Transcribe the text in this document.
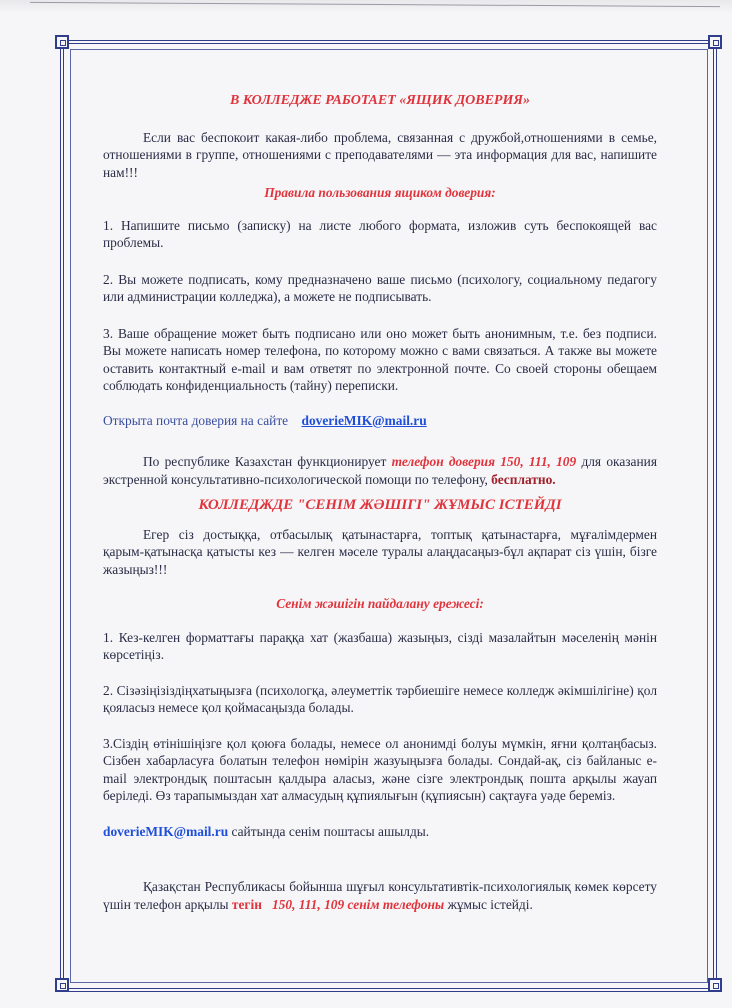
В КОЛЛЕДЖЕ РАБОТАЕТ «ЯЩИК ДОВЕРИЯ»

Если вас беспокоит какая-либо проблема, связанная с дружбой,отношениями в семье, отношениями в группе, отношениями с преподавателями — эта информация для вас, напишите нам!!!

Правила пользования ящиком доверия:

1. Напишите письмо (записку) на листе любого формата, изложив суть беспокоящей вас проблемы.

2. Вы можете подписать, кому предназначено ваше письмо (психологу, социальному педагогу или администрации колледжа), а можете не подписывать.

3. Ваше обращение может быть подписано или оно может быть анонимным, т.е. без подписи. Вы можете написать номер телефона, по которому можно с вами связаться. А также вы можете оставить контактный e-mail и вам ответят по электронной почте. Со своей стороны обещаем соблюдать конфиденциальность (тайну) переписки.

Открыта почта доверия на сайте doverieMIK@mail.ru

По республике Казахстан функционирует телефон доверия 150, 111, 109 для оказания экстренной консультативно-психологической помощи по телефону, бесплатно.

КОЛЛЕДЖДЕ "СЕНІМ ЖӘШІГІ" ЖҰМЫС ІСТЕЙДІ

Егер сіз достыққа, отбасылық қатынастарға, топтық қатынастарға, мұғалімдермен қарым-қатынасқа қатысты кез — келген мәселе туралы алаңдасаңыз-бұл ақпарат сіз үшін, бізге жазыңыз!!!

Сенім жәшігін пайдалану ережесі:

1. Кез-келген форматтағы параққа хат (жазбаша) жазыңыз, сізді мазалайтын мәселенің мәнін көрсетіңіз.

2. Сізәзіңізіздіңхатыңызға (психологқа, әлеуметтік тәрбиешіге немесе колледж әкімшілігіне) қол қояласыз немесе қол қоймасаңызда болады.

3.Сіздің өтінішіңізге қол қоюға болады, немесе ол анонимді болуы мүмкін, яғни қолтаңбасыз. Сізбен хабарласуға болатын телефон нөмірін жазуыңызға болады. Сондай-ақ, сіз байланыс e-mail электрондық поштасын қалдыра аласыз, және сізге электрондық пошта арқылы жауап беріледі. Өз тарапымыздан хат алмасудың құпиялығын (құпиясын) сақтауға уәде береміз.

doverieMIK@mail.ru сайтында сенім поштасы ашылды.

Қазақстан Республикасы бойынша шұғыл консультативтік-психологиялық көмек көрсету үшін телефон арқылы тегін 150, 111, 109 сенім телефоны жұмыс істейді.
